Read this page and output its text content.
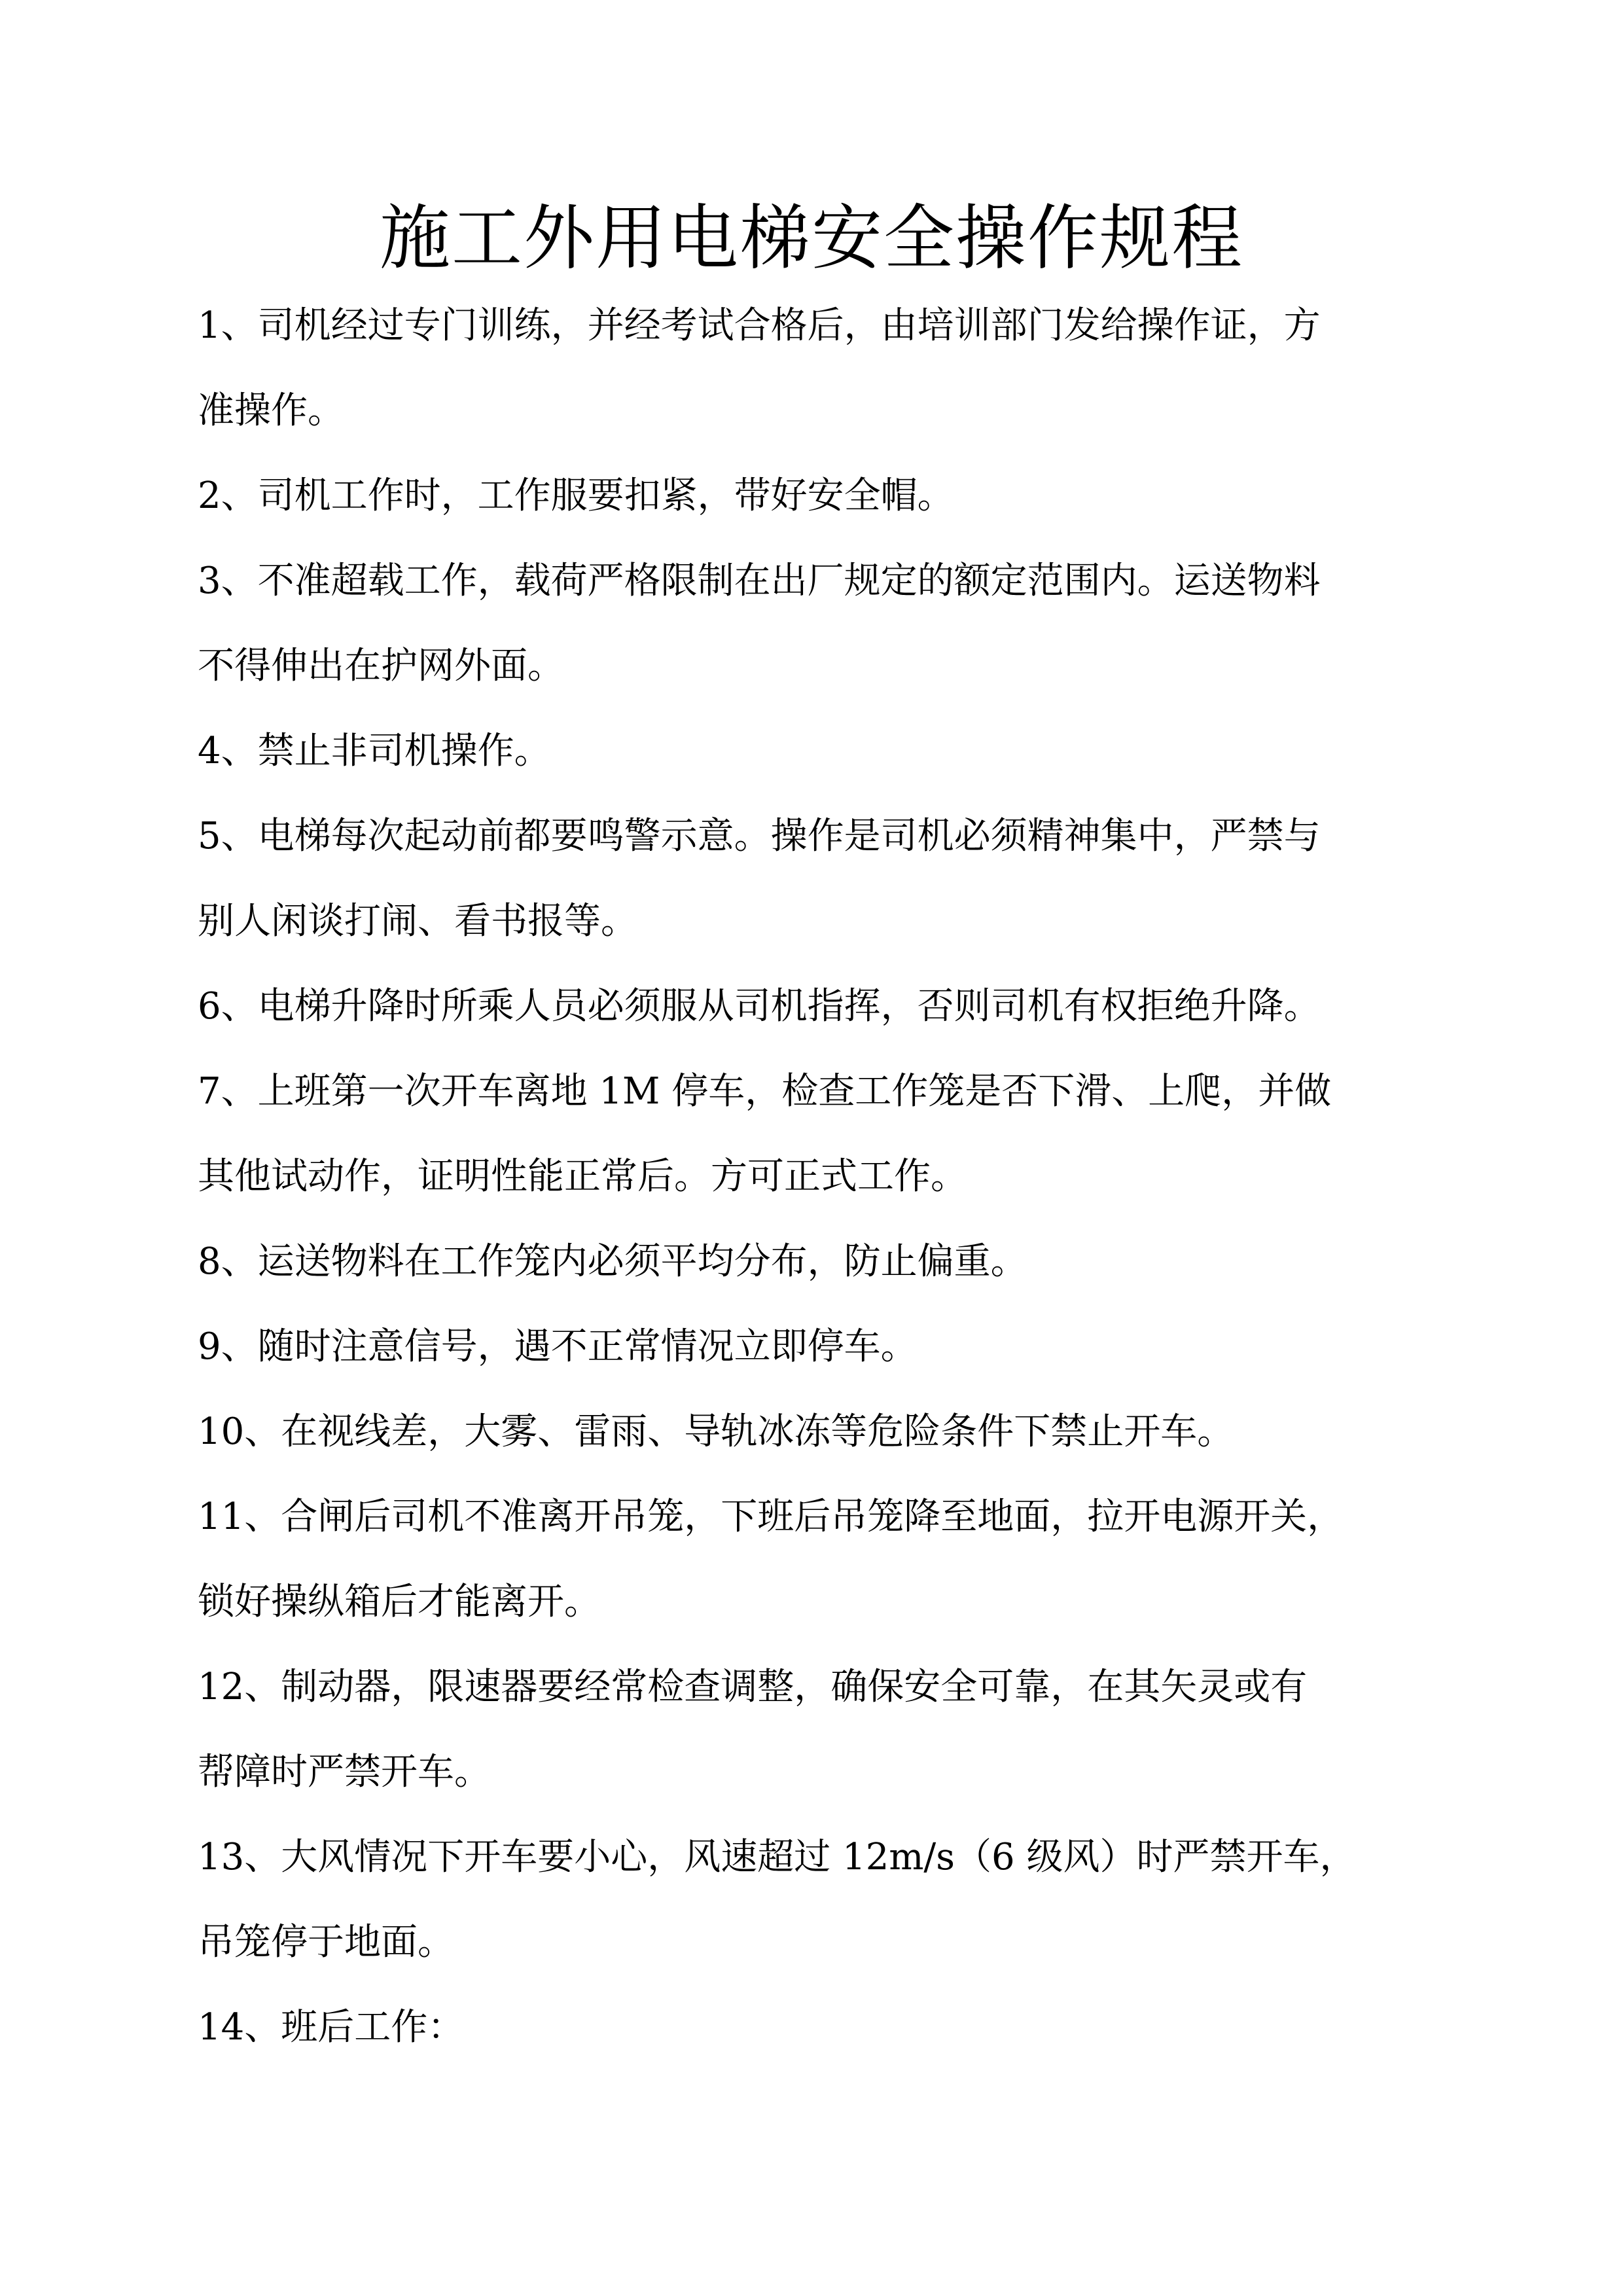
施工外用电梯安全操作规程
1、司机经过专门训练，并经考试合格后，由培训部门发给操作证，方
准操作。
2、司机工作时，工作服要扣紧，带好安全帽。
3、不准超载工作，载荷严格限制在出厂规定的额定范围内。运送物料
不得伸出在护网外面。
4、禁止非司机操作。
5、电梯每次起动前都要鸣警示意。操作是司机必须精神集中，严禁与
别人闲谈打闹、看书报等。
6、电梯升降时所乘人员必须服从司机指挥，否则司机有权拒绝升降。
7、上班第一次开车离地 1M 停车，检查工作笼是否下滑、上爬，并做
其他试动作，证明性能正常后。方可正式工作。
8、运送物料在工作笼内必须平均分布，防止偏重。
9、随时注意信号，遇不正常情况立即停车。
10、在视线差，大雾、雷雨、导轨冰冻等危险条件下禁止开车。
11、合闸后司机不准离开吊笼，下班后吊笼降至地面，拉开电源开关，
锁好操纵箱后才能离开。
12、制动器，限速器要经常检查调整，确保安全可靠，在其矢灵或有
帮障时严禁开车。
13、大风情况下开车要小心，风速超过 12m/s（6 级风）时严禁开车，
吊笼停于地面。
14、班后工作：
